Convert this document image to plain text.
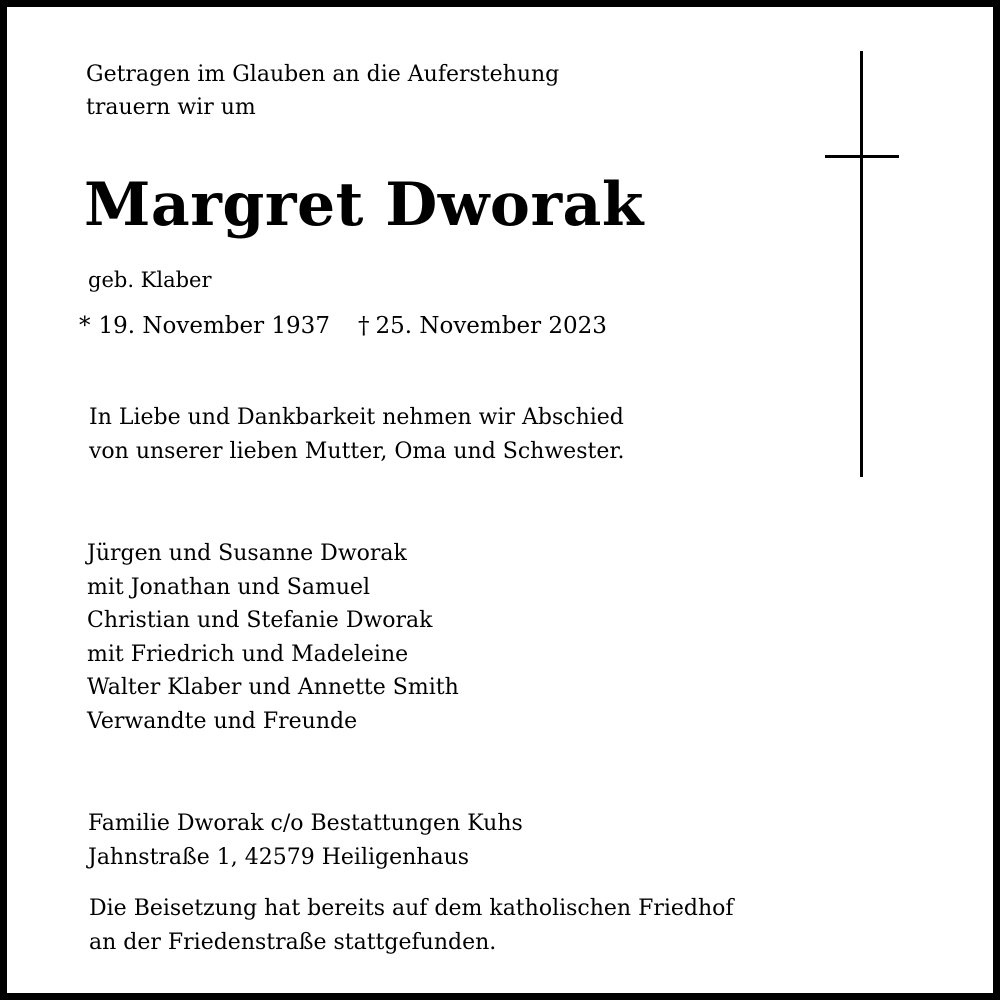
Getragen im Glauben an die Auferstehung
trauern wir um
Margret Dworak
geb. Klaber
* 19. November 1937 † 25. November 2023
In Liebe und Dankbarkeit nehmen wir Abschied
von unserer lieben Mutter, Oma und Schwester.
Jürgen und Susanne Dworak
mit Jonathan und Samuel
Christian und Stefanie Dworak
mit Friedrich und Madeleine
Walter Klaber und Annette Smith
Verwandte und Freunde
Familie Dworak c/o Bestattungen Kuhs
Jahnstraße 1, 42579 Heiligenhaus
Die Beisetzung hat bereits auf dem katholischen Friedhof
an der Friedenstraße stattgefunden.
